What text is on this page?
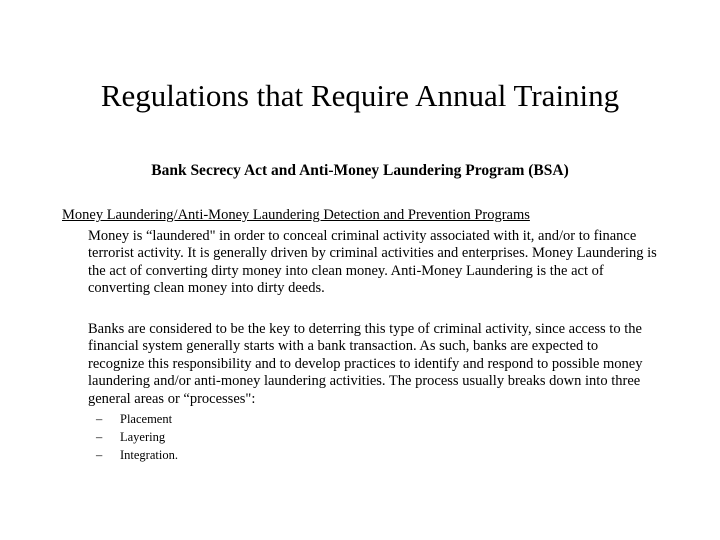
Regulations that Require Annual Training
Bank Secrecy Act and Anti-Money Laundering Program (BSA)
Money Laundering/Anti-Money Laundering Detection and Prevention Programs

Money is “laundered" in order to conceal criminal activity associated with it, and/or to finance terrorist activity. It is generally driven by criminal activities and enterprises. Money Laundering is the act of converting dirty money into clean money. Anti-Money Laundering is the act of converting clean money into dirty deeds.

Banks are considered to be the key to deterring this type of criminal activity, since access to the financial system generally starts with a bank transaction. As such, banks are expected to recognize this responsibility and to develop practices to identify and respond to possible money laundering and/or anti-money laundering activities. The process usually breaks down into three general areas or “processes":

– Placement
– Layering
– Integration.
